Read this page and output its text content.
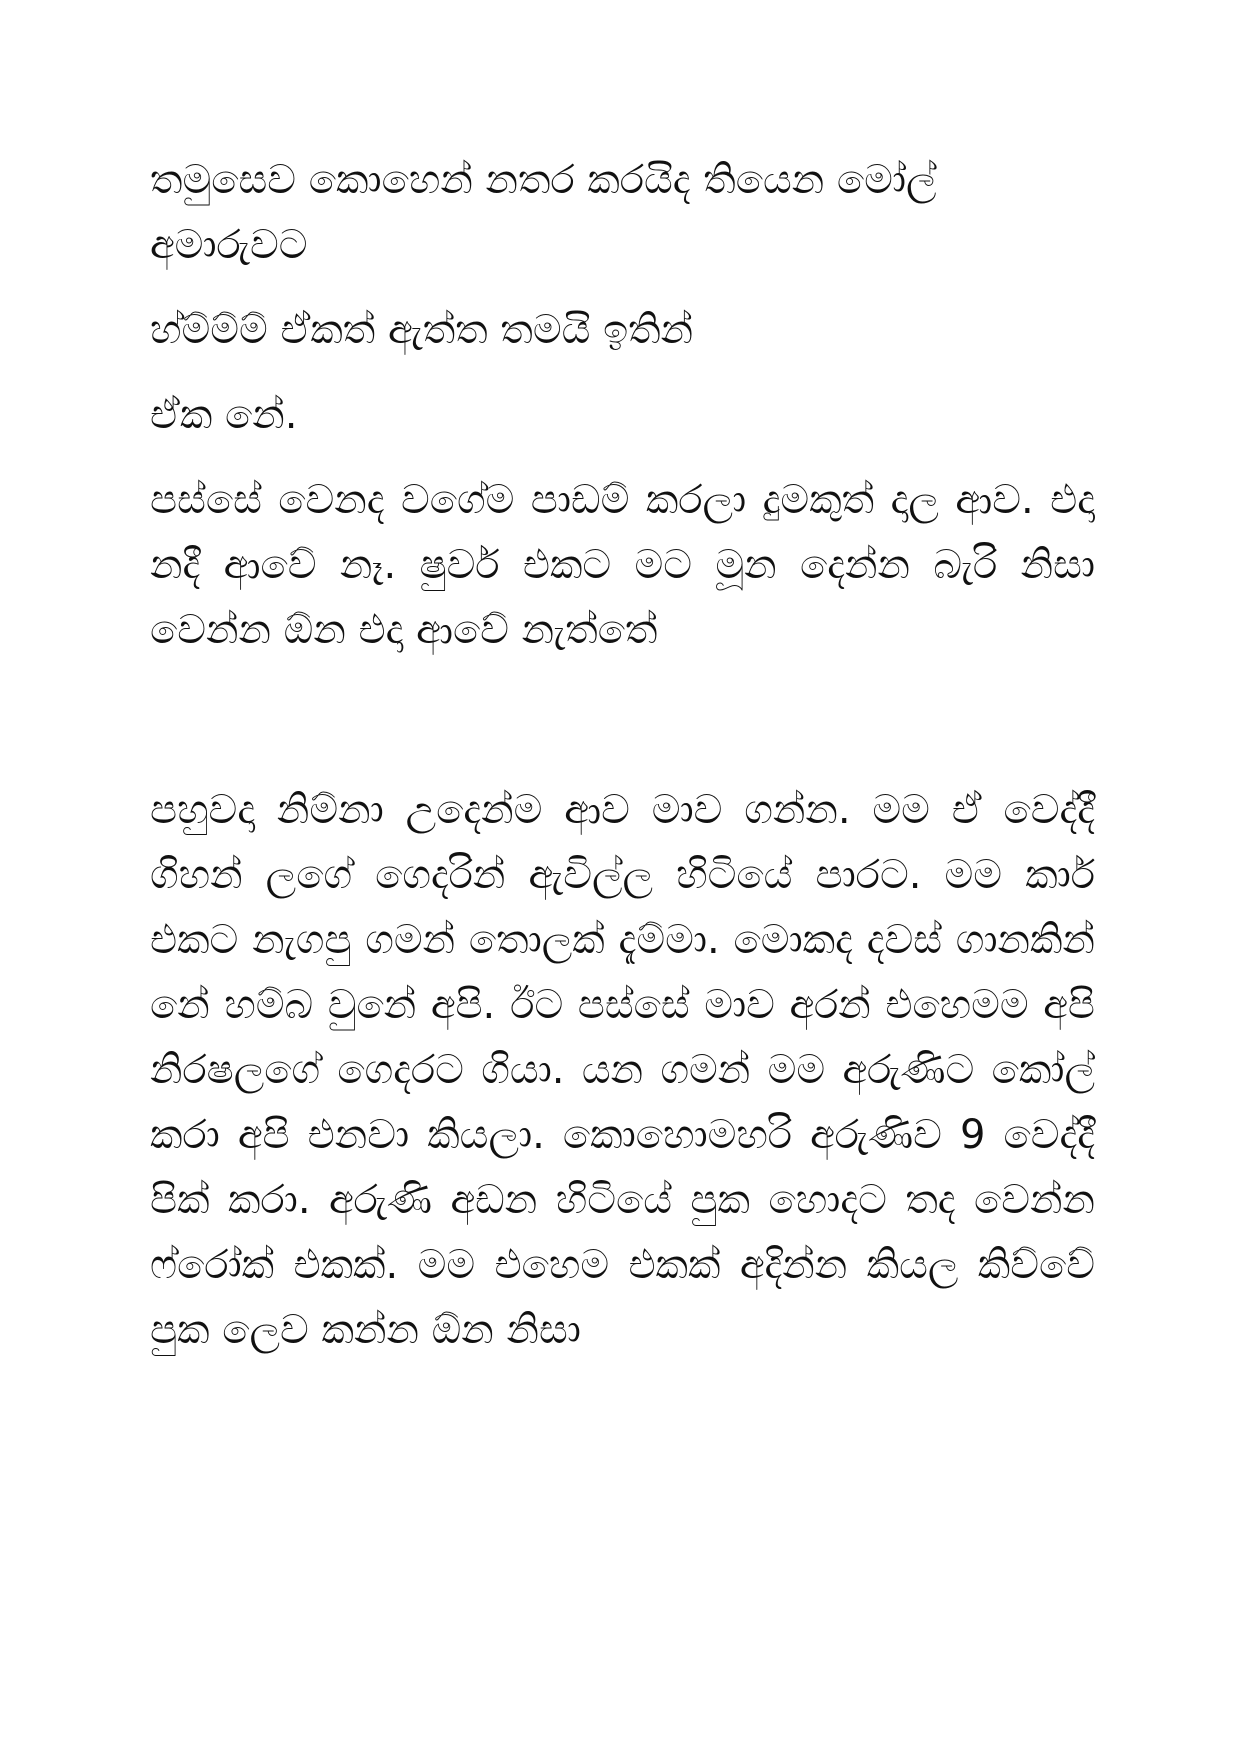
තමුසෙව කොහෙන් නතර කරයිද තියෙන මෝල් අමාරුවට

හ්ම්ම්ම් ඒකත් ඇත්ත තමයි ඉතින්

ඒක නේ.

පස්සේ වෙනද වගේම පාඩම් කරලා දුමකුත් දාල ආව. එදා නදී ආවේ නෑ. ෂුවර් එකට මට මූන දෙන්න බැරි නිසා වෙන්න ඕන එදා ආවේ නැත්තේ

පහුවදා නිම්නා උදෙන්ම ආව මාව ගන්න. මම ඒ වෙද්දී ගිහන් ලගේ ගෙදරින් ඇවිල්ල හිටියේ පාරට. මම කාර් එකට නැගපු ගමන් තොලක් දැම්මා. මොකද දවස් ගානකින් නේ හම්බ වුනේ අපි. ඊට පස්සේ මාව අරන් එහෙමම අපි නිරෂලගේ ගෙදරට ගියා. යන ගමන් මම අරුණිට කෝල් කරා අපි එනවා කියලා. කොහොමහරි අරුණිව 9 වෙද්දී පික් කරා. අරුණි අඩන හිටියේ පුක හොදට තද වෙන්න ෆ්රෝක් එකක්. මම එහෙම එකක් අදින්න කියල කිව්වේ පුක ලෙව කන්න ඕන නිසා
